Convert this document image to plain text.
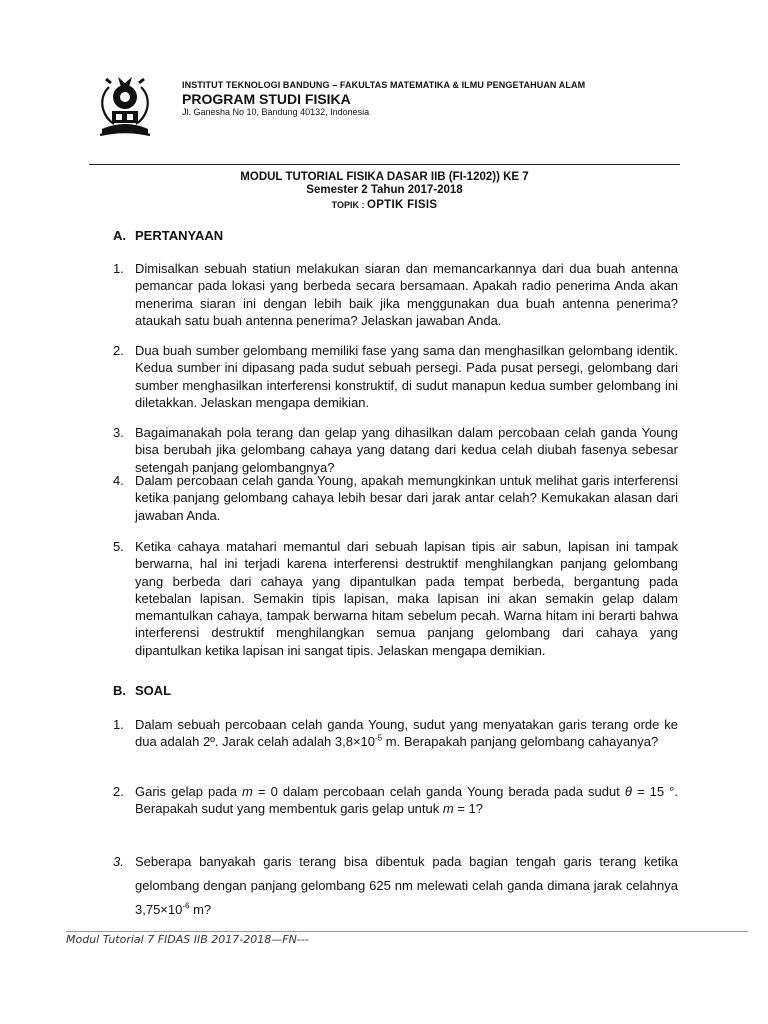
INSTITUT TEKNOLOGI BANDUNG – FAKULTAS MATEMATIKA & ILMU PENGETAHUAN ALAM
PROGRAM STUDI FISIKA
Jl. Ganesha No 10, Bandung 40132, Indonesia
MODUL TUTORIAL FISIKA DASAR IIB (FI-1202)) KE 7
Semester 2 Tahun 2017-2018
TOPIK : OPTIK FISIS
A. PERTANYAAN
1. Dimisalkan sebuah statiun melakukan siaran dan memancarkannya dari dua buah antenna pemancar pada lokasi yang berbeda secara bersamaan. Apakah radio penerima Anda akan menerima siaran ini dengan lebih baik jika menggunakan dua buah antenna penerima? ataukah satu buah antenna penerima? Jelaskan jawaban Anda.
2. Dua buah sumber gelombang memiliki fase yang sama dan menghasilkan gelombang identik. Kedua sumber ini dipasang pada sudut sebuah persegi. Pada pusat persegi, gelombang dari sumber menghasilkan interferensi konstruktif, di sudut manapun kedua sumber gelombang ini diletakkan. Jelaskan mengapa demikian.
3. Bagaimanakah pola terang dan gelap yang dihasilkan dalam percobaan celah ganda Young bisa berubah jika gelombang cahaya yang datang dari kedua celah diubah fasenya sebesar setengah panjang gelombangnya?
4. Dalam percobaan celah ganda Young, apakah memungkinkan untuk melihat garis interferensi ketika panjang gelombang cahaya lebih besar dari jarak antar celah? Kemukakan alasan dari jawaban Anda.
5. Ketika cahaya matahari memantul dari sebuah lapisan tipis air sabun, lapisan ini tampak berwarna, hal ini terjadi karena interferensi destruktif menghilangkan panjang gelombang yang berbeda dari cahaya yang dipantulkan pada tempat berbeda, bergantung pada ketebalan lapisan. Semakin tipis lapisan, maka lapisan ini akan semakin gelap dalam memantulkan cahaya, tampak berwarna hitam sebelum pecah. Warna hitam ini berarti bahwa interferensi destruktif menghilangkan semua panjang gelombang dari cahaya yang dipantulkan ketika lapisan ini sangat tipis. Jelaskan mengapa demikian.
B. SOAL
1. Dalam sebuah percobaan celah ganda Young, sudut yang menyatakan garis terang orde ke dua adalah 2º. Jarak celah adalah $3,8\times 10^{-5}$ m. Berapakah panjang gelombang cahayanya?
2. Garis gelap pada m = 0 dalam percobaan celah ganda Young berada pada sudut θ = 15 °. Berapakah sudut yang membentuk garis gelap untuk m = 1?
3. Seberapa banyakah garis terang bisa dibentuk pada bagian tengah garis terang ketika gelombang dengan panjang gelombang 625 nm melewati celah ganda dimana jarak celahnya $3,75\times 10^{-6}$ m?
Modul Tutorial 7 FIDAS IIB 2017-2018—FN---
